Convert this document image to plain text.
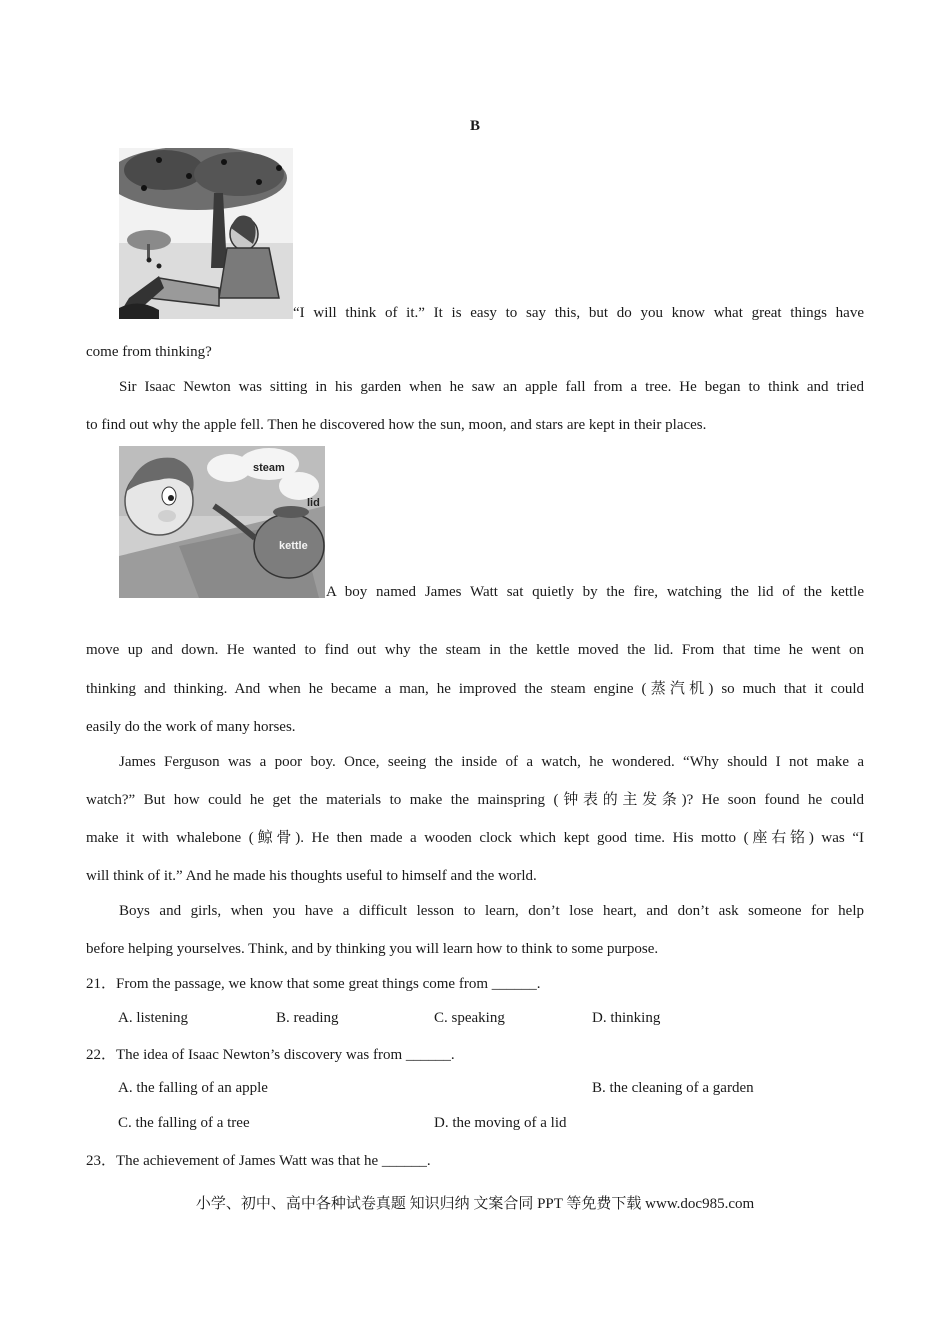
B
“I will think of it.” It is easy to say this, but do you know what great things have
come from thinking?
Sir Isaac Newton was sitting in his garden when he saw an apple fall from a tree. He began to think and tried
to find out why the apple fell. Then he discovered how the sun, moon, and stars are kept in their places.
steam
lid
kettle
A boy named James Watt sat quietly by the fire, watching the lid of the kettle
move up and down. He wanted to find out why the steam in the kettle moved the lid. From that time he went on
thinking and thinking. And when he became a man, he improved the steam engine (蒸汽机) so much that it could
easily do the work of many horses.
James Ferguson was a poor boy. Once, seeing the inside of a watch, he wondered. “Why should I not make a
watch?” But how could he get the materials to make the mainspring (钟表的主发条)? He soon found he could
make it with whalebone (鲸骨). He then made a wooden clock which kept good time. His motto (座右铭) was “I
will think of it.” And he made his thoughts useful to himself and the world.
Boys and girls, when you have a difficult lesson to learn, don’t lose heart, and don’t ask someone for help
before helping yourselves. Think, and by thinking you will learn how to think to some purpose.
21．From the passage, we know that some great things come from ______.
A. listening	B. reading	C. speaking	D. thinking
22．The idea of Isaac Newton’s discovery was from ______.
A. the falling of an apple	B. the cleaning of a garden
C. the falling of a tree	D. the moving of a lid
23．The achievement of James Watt was that he ______.
小学、初中、高中各种试卷真题 知识归纳 文案合同 PPT 等免费下载 www.doc985.com
